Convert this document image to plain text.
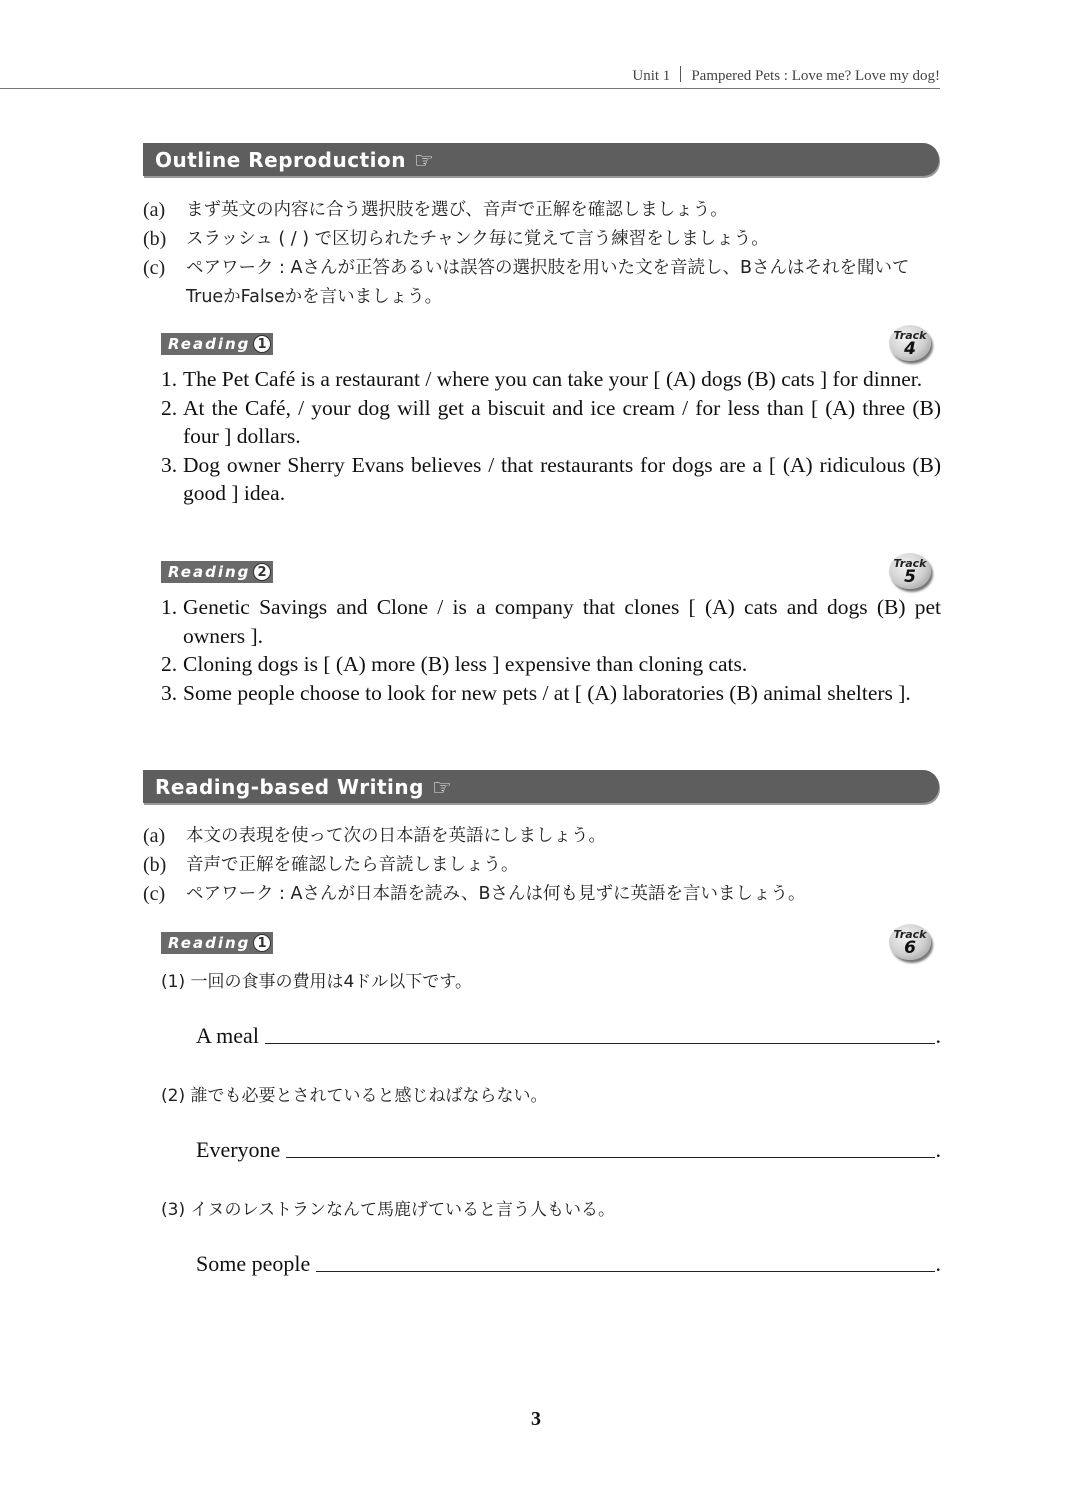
Unit 1 Pampered Pets : Love me? Love my dog!
Outline Reproduction ☞
(a) まず英文の内容に合う選択肢を選び、音声で正解を確認しましょう。
(b) スラッシュ ( / ) で区切られたチャンク毎に覚えて言う練習をしましょう。
(c) ペアワーク : Aさんが正答あるいは誤答の選択肢を用いた文を音読し、Bさんはそれを聞いてTrueかFalseかを言いましょう。
Reading 1
Track
4
1. The Pet Café is a restaurant / where you can take your [ (A) dogs (B) cats ] for dinner.
2. At the Café, / your dog will get a biscuit and ice cream / for less than [ (A) three (B) four ] dollars.
3. Dog owner Sherry Evans believes / that restaurants for dogs are a [ (A) ridiculous (B) good ] idea.
Reading 2
Track
5
1. Genetic Savings and Clone / is a company that clones [ (A) cats and dogs (B) pet owners ].
2. Cloning dogs is [ (A) more (B) less ] expensive than cloning cats.
3. Some people choose to look for new pets / at [ (A) laboratories (B) animal shelters ].
Reading-based Writing ☞
(a) 本文の表現を使って次の日本語を英語にしましょう。
(b) 音声で正解を確認したら音読しましょう。
(c) ペアワーク : Aさんが日本語を読み、Bさんは何も見ずに英語を言いましょう。
Reading 1
Track
6
(1) 一回の食事の費用は4ドル以下です。
A meal	.
(2) 誰でも必要とされていると感じねばならない。
Everyone	.
(3) イヌのレストランなんて馬鹿げていると言う人もいる。
Some people	.
3
